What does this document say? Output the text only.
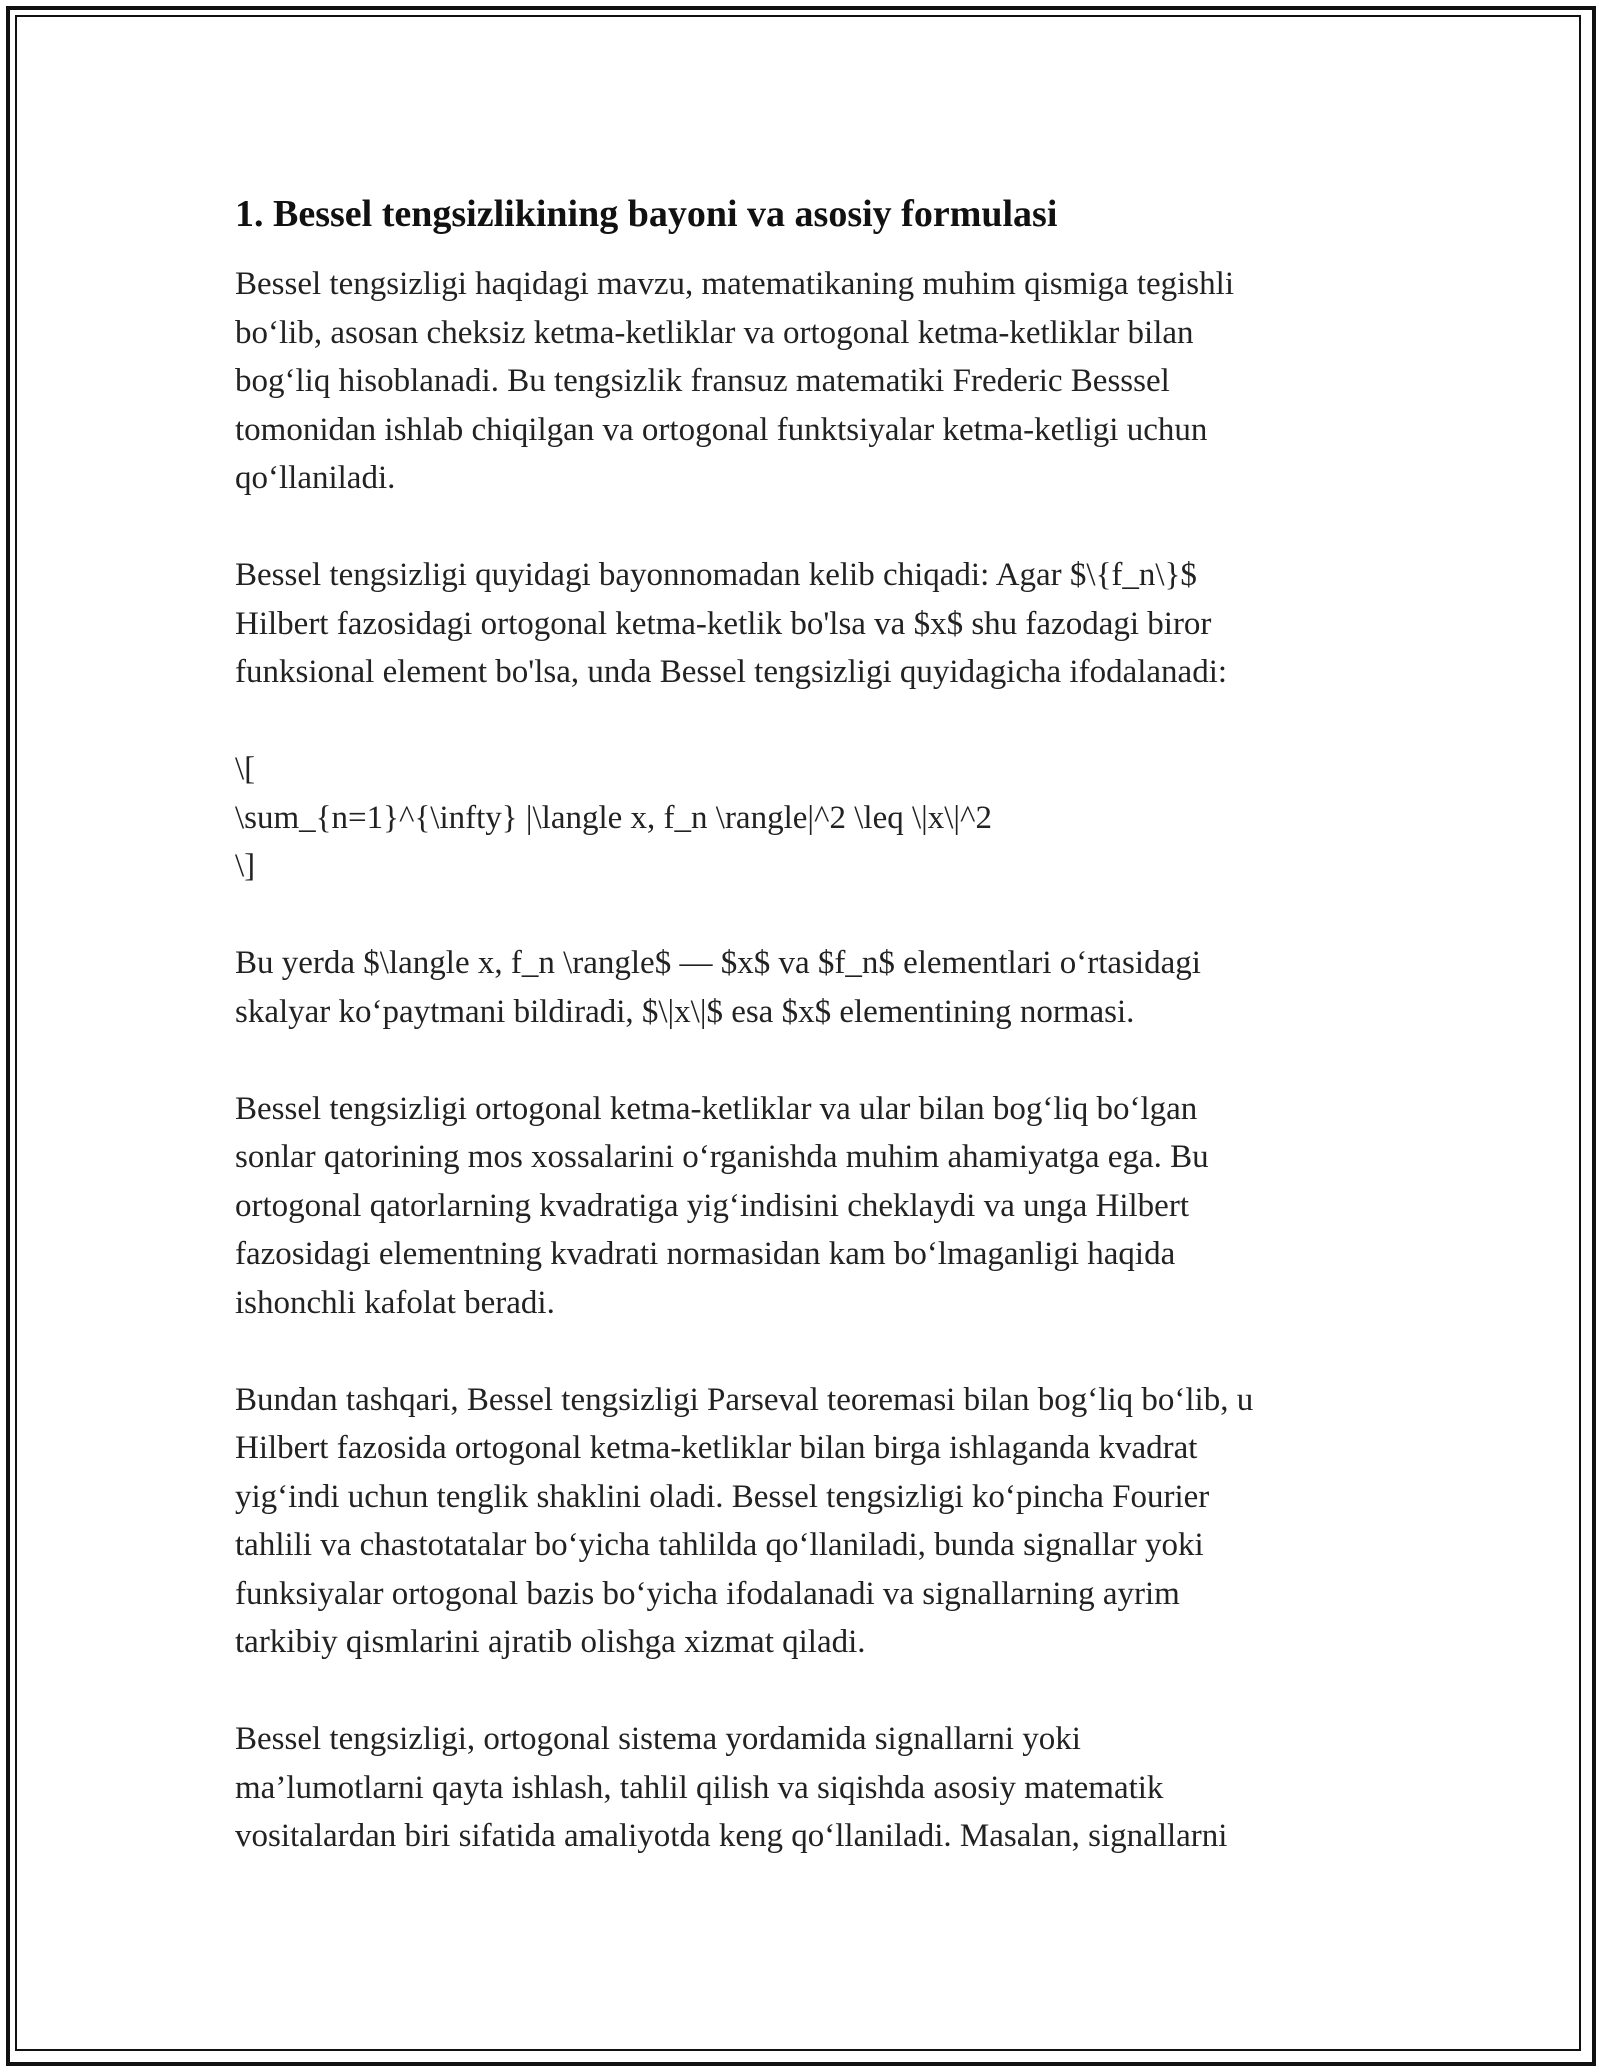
1. Bessel tengsizlikining bayoni va asosiy formulasi

Bessel tengsizligi haqidagi mavzu, matematikaning muhim qismiga tegishli
bo‘lib, asosan cheksiz ketma-ketliklar va ortogonal ketma-ketliklar bilan
bog‘liq hisoblanadi. Bu tengsizlik fransuz matematiki Frederic Besssel
tomonidan ishlab chiqilgan va ortogonal funktsiyalar ketma-ketligi uchun
qo‘llaniladi.

Bessel tengsizligi quyidagi bayonnomadan kelib chiqadi: Agar $\{f_n\}$
Hilbert fazosidagi ortogonal ketma-ketlik bo'lsa va $x$ shu fazodagi biror
funksional element bo'lsa, unda Bessel tengsizligi quyidagicha ifodalanadi:

\[
\sum_{n=1}^{\infty} |\langle x, f_n \rangle|^2 \leq \|x\|^2
\]

Bu yerda $\langle x, f_n \rangle$ — $x$ va $f_n$ elementlari o‘rtasidagi
skalyar ko‘paytmani bildiradi, $\|x\|$ esa $x$ elementining normasi.

Bessel tengsizligi ortogonal ketma-ketliklar va ular bilan bog‘liq bo‘lgan
sonlar qatorining mos xossalarini o‘rganishda muhim ahamiyatga ega. Bu
ortogonal qatorlarning kvadratiga yig‘indisini cheklaydi va unga Hilbert
fazosidagi elementning kvadrati normasidan kam bo‘lmaganligi haqida
ishonchli kafolat beradi.

Bundan tashqari, Bessel tengsizligi Parseval teoremasi bilan bog‘liq bo‘lib, u
Hilbert fazosida ortogonal ketma-ketliklar bilan birga ishlaganda kvadrat
yig‘indi uchun tenglik shaklini oladi. Bessel tengsizligi ko‘pincha Fourier
tahlili va chastotatalar bo‘yicha tahlilda qo‘llaniladi, bunda signallar yoki
funksiyalar ortogonal bazis bo‘yicha ifodalanadi va signallarning ayrim
tarkibiy qismlarini ajratib olishga xizmat qiladi.

Bessel tengsizligi, ortogonal sistema yordamida signallarni yoki
ma’lumotlarni qayta ishlash, tahlil qilish va siqishda asosiy matematik
vositalardan biri sifatida amaliyotda keng qo‘llaniladi. Masalan, signallarni
